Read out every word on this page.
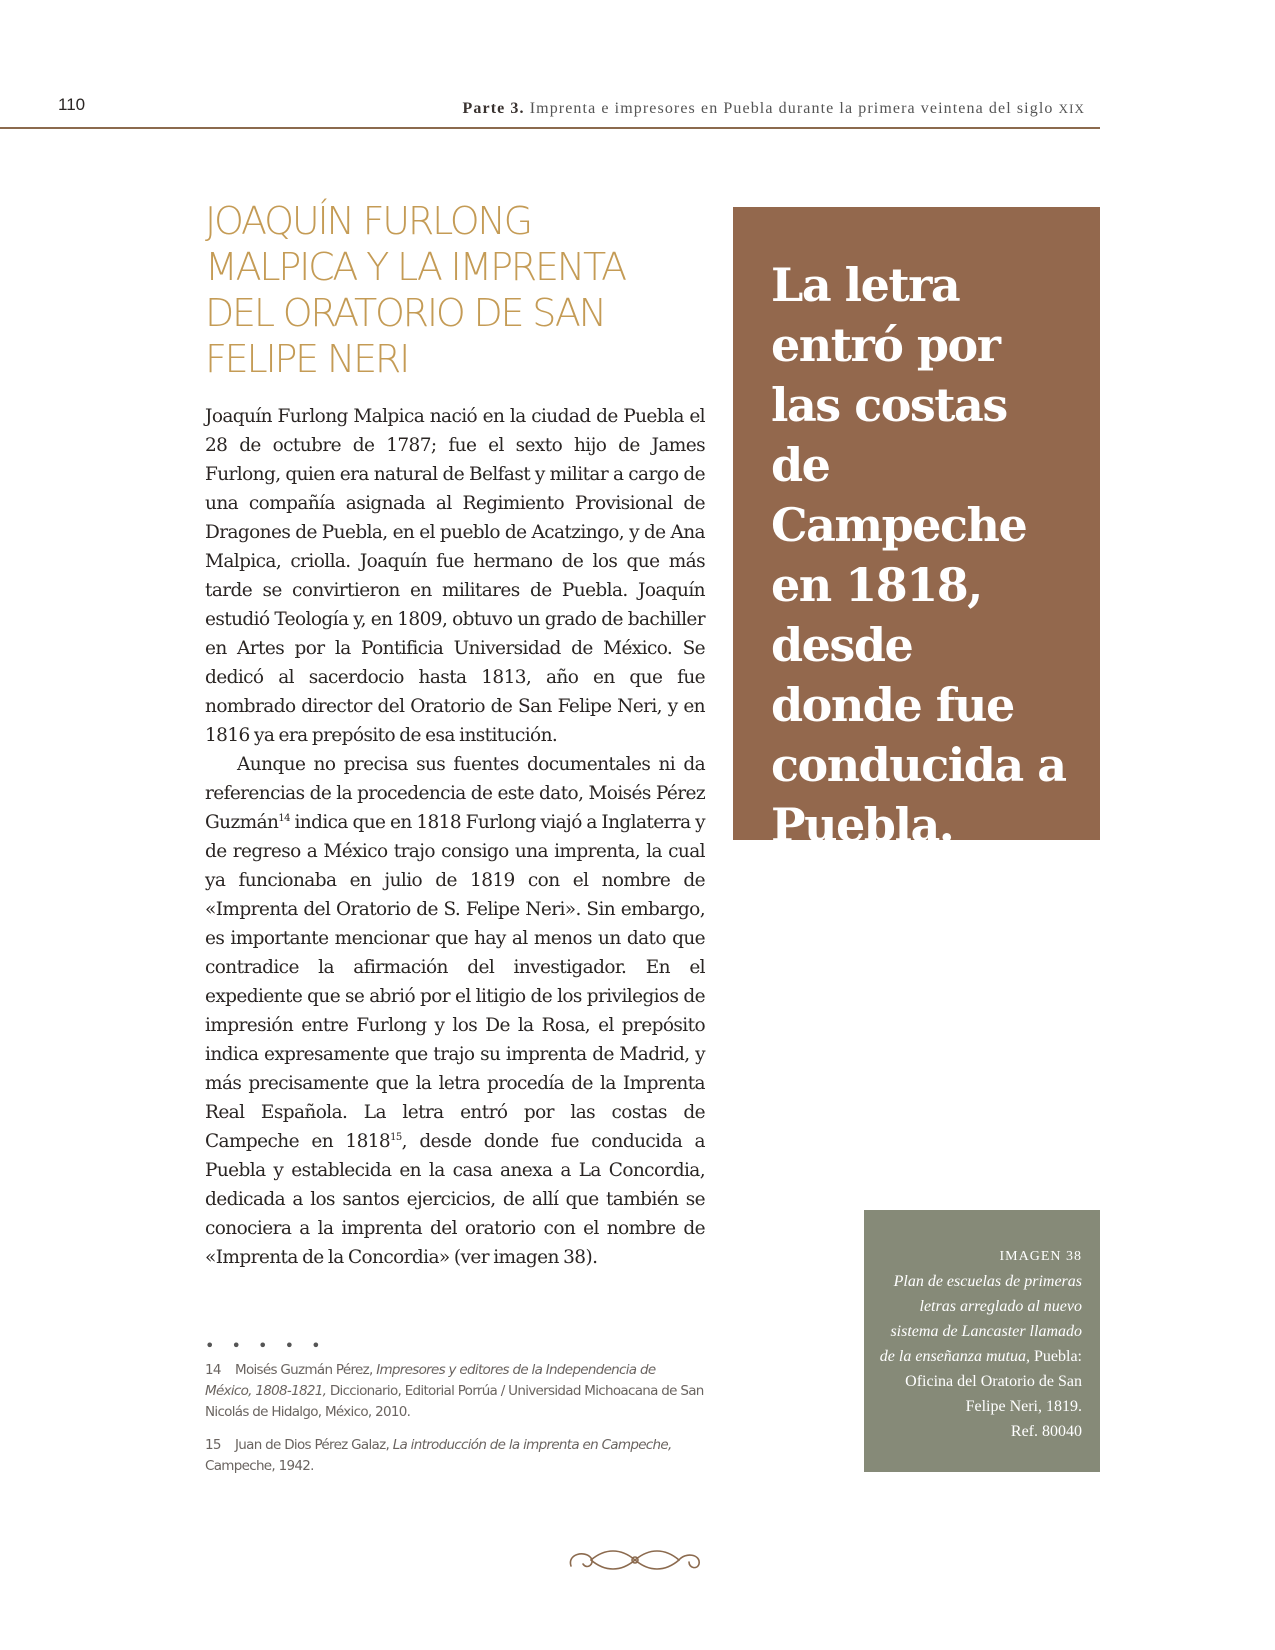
110	Parte 3. Imprenta e impresores en Puebla durante la primera veintena del siglo XIX
JOAQUÍN FURLONG MALPICA Y LA IMPRENTA DEL ORATORIO DE SAN FELIPE NERI

Joaquín Furlong Malpica nació en la ciudad de Puebla el 28 de octubre de 1787; fue el sexto hijo de James Furlong, quien era natural de Belfast y militar a cargo de una compañía asignada al Regimiento Provisional de Dragones de Puebla, en el pueblo de Acatzingo, y de Ana Malpica, criolla. Joaquín fue hermano de los que más tarde se convirtieron en militares de Puebla. Joaquín estudió Teología y, en 1809, obtuvo un grado de bachiller en Artes por la Pontificia Universidad de México. Se dedicó al sacerdocio hasta 1813, año en que fue nombrado director del Oratorio de San Felipe Neri, y en 1816 ya era prepósito de esa institución.

Aunque no precisa sus fuentes documentales ni da referencias de la procedencia de este dato, Moisés Pérez Guzmán$^{14}$ indica que en 1818 Furlong viajó a Inglaterra y de regreso a México trajo consigo una imprenta, la cual ya funcionaba en julio de 1819 con el nombre de «Imprenta del Oratorio de S. Felipe Neri». Sin embargo, es importante mencionar que hay al menos un dato que contradice la afirmación del investigador. En el expediente que se abrió por el litigio de los privilegios de impresión entre Furlong y los De la Rosa, el prepósito indica expresamente que trajo su imprenta de Madrid, y más precisamente que la letra procedía de la Imprenta Real Española. La letra entró por las costas de Campeche en 1818$^{15}$, desde donde fue conducida a Puebla y establecida en la casa anexa a La Concordia, dedicada a los santos ejercicios, de allí que también se conociera a la imprenta del oratorio con el nombre de «Imprenta de la Concordia» (ver imagen 38).

La letra entró por las costas de Campeche en 1818, desde donde fue conducida a Puebla.

IMAGEN 38
Plan de escuelas de primeras letras arreglado al nuevo sistema de Lancaster llamado de la enseñanza mutua, Puebla: Oficina del Oratorio de San Felipe Neri, 1819.
Ref. 80040
• • • • •

14 Moisés Guzmán Pérez, Impresores y editores de la Independencia de México, 1808-1821, Diccionario, Editorial Porrúa / Universidad Michoacana de San Nicolás de Hidalgo, México, 2010.

15 Juan de Dios Pérez Galaz, La introducción de la imprenta en Campeche, Campeche, 1942.
